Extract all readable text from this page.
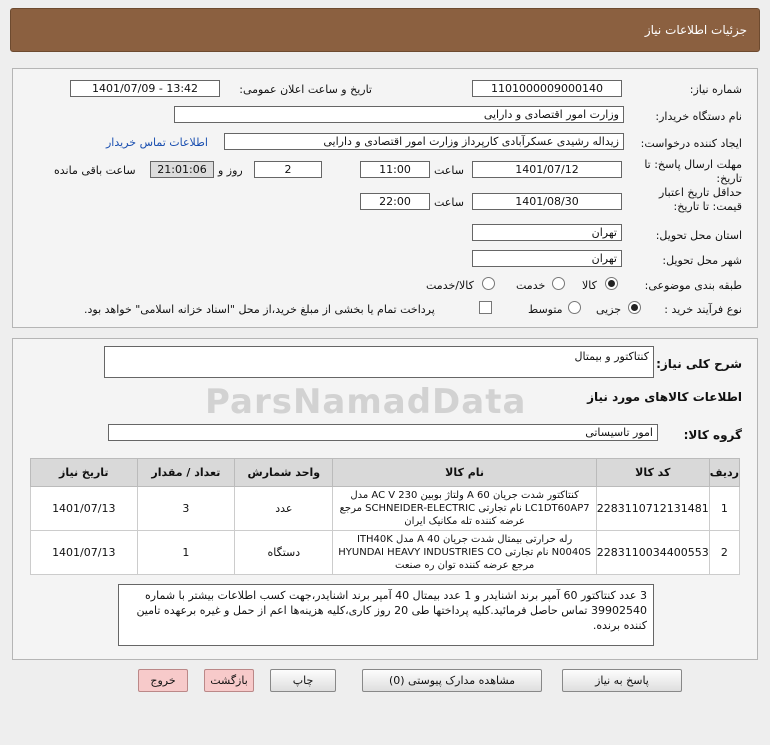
جزئیات اطلاعات نیاز
شماره نیاز:
1101000009000140
تاریخ و ساعت اعلان عمومی:
1401/07/09 - 13:42
نام دستگاه خریدار:
وزارت امور اقتصادی و دارایی
ایجاد کننده درخواست:
زیداله رشیدی عسکرآبادی کارپرداز وزارت امور اقتصادی و دارایی
اطلاعات تماس خریدار
مهلت ارسال پاسخ: تا تاریخ:
1401/07/12
ساعت
11:00
2
روز و
21:01:06
ساعت باقی مانده
حداقل تاریخ اعتبار قیمت: تا تاریخ:
1401/08/30
ساعت
22:00
استان محل تحویل:
تهران
شهر محل تحویل:
تهران
طبقه بندی موضوعی:
کالا
خدمت
کالا/خدمت
نوع فرآیند خرید :
جزیی
متوسط
پرداخت تمام یا بخشی از مبلغ خرید،از محل "اسناد خزانه اسلامی" خواهد بود.
شرح کلی نیاز:
کنتاکتور و بیمتال
اطلاعات کالاهای مورد نیاز
ParsNamadData
گروه کالا:
امور تاسیساتی
ردیف	کد کالا	نام کالا	واحد شمارش	تعداد / مقدار	تاریخ نیاز
1	2283110712131481	کنتاکتور شدت جریان 60 A ولتاژ بوبین AC V 230 مدل LC1DT60AP7 نام تجارتی SCHNEIDER-ELECTRIC مرجع عرضه کننده تله مکانیک ایران	عدد	3	1401/07/13
2	2283110034400553	رله حرارتی بیمتال شدت جریان 40 A مدل ITH40K N0040S نام تجارتی HYUNDAI HEAVY INDUSTRIES CO مرجع عرضه کننده توان ره صنعت	دستگاه	1	1401/07/13
3 عدد کنتاکتور 60 آمپر برند اشنایدر و 1 عدد بیمتال 40 آمپر برند اشنایدر،جهت کسب اطلاعات بیشتر با شماره 39902540 تماس حاصل فرمائید.کلیه پرداختها طی 20 روز کاری،کلیه هزینه‌ها اعم از حمل و غیره برعهده تامین کننده برنده.
پاسخ به نیاز
مشاهده مدارک پیوستی (0)
چاپ
بازگشت
خروج
